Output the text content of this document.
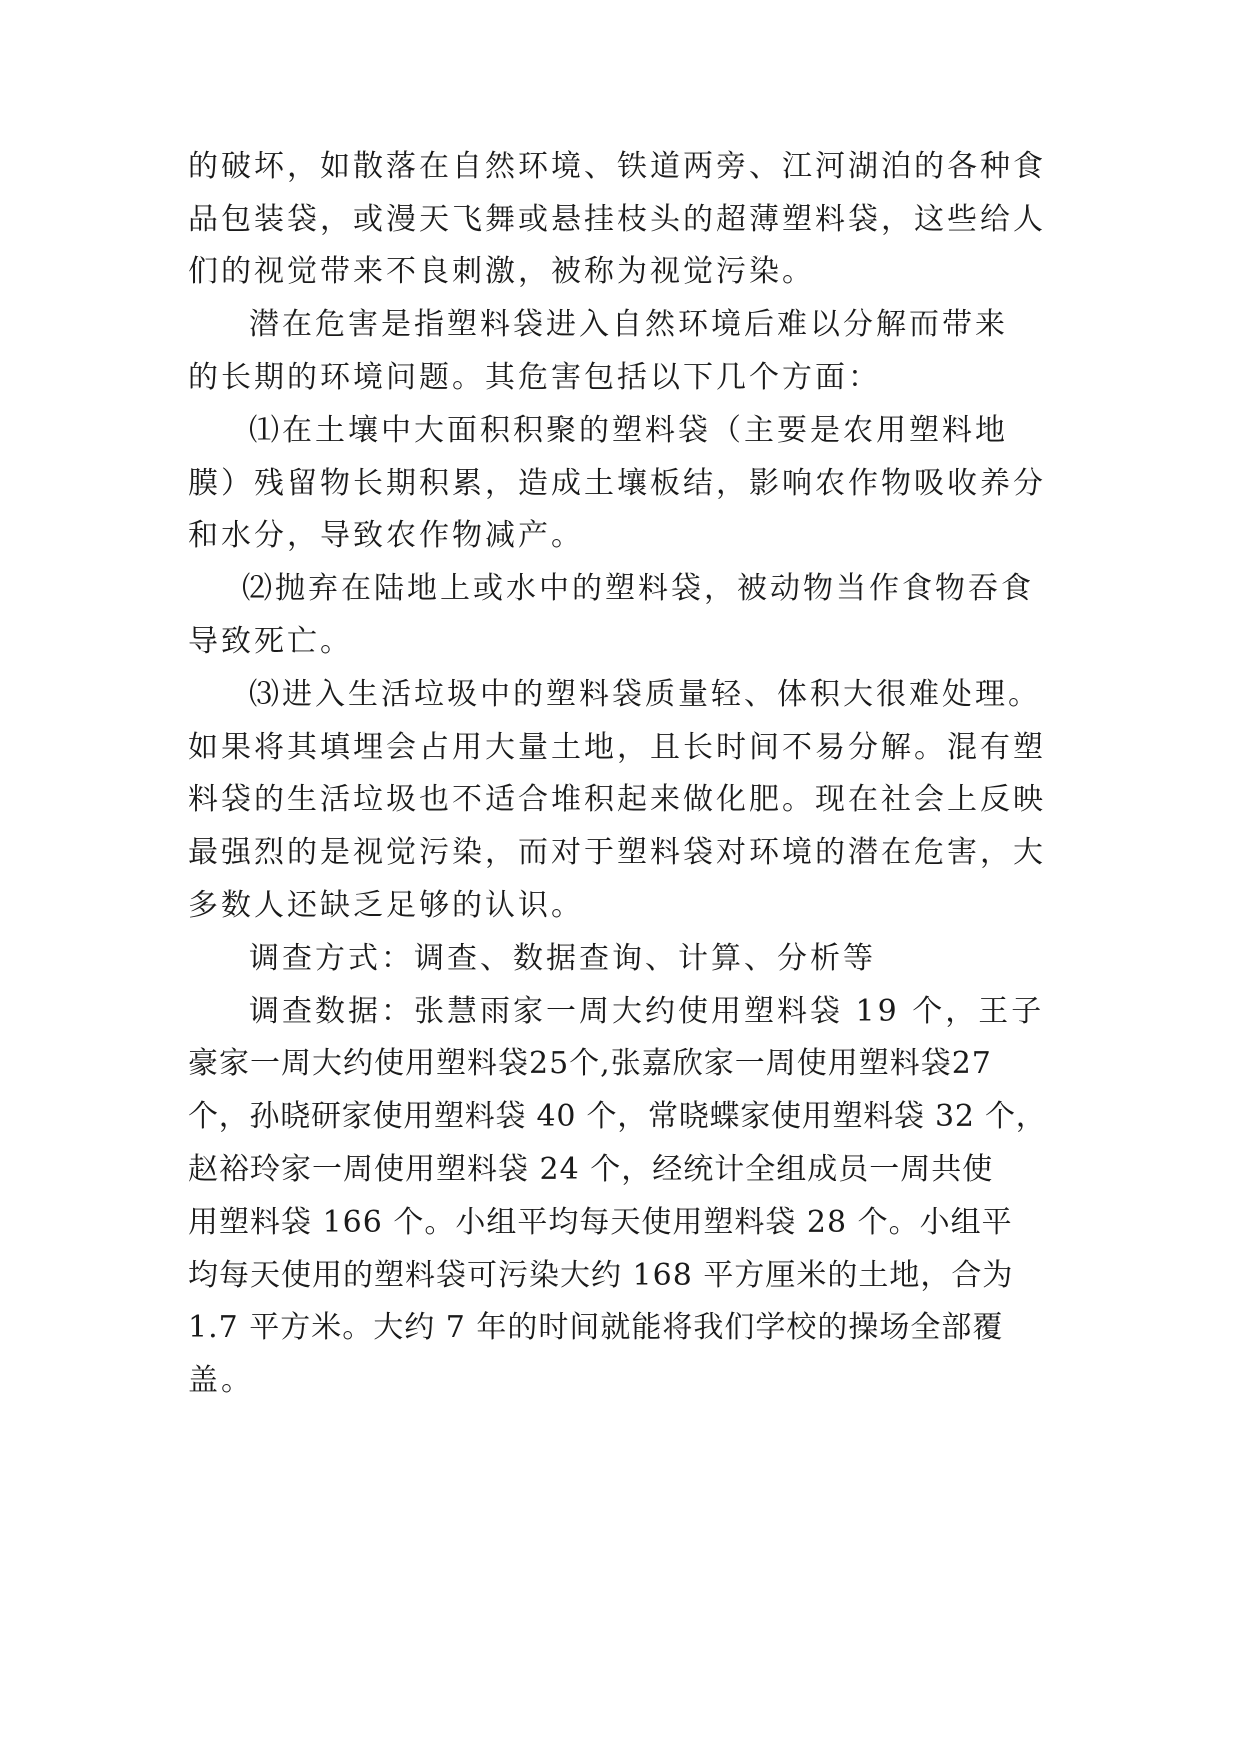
的破坏，如散落在自然环境、铁道两旁、江河湖泊的各种食
品包装袋，或漫天飞舞或悬挂枝头的超薄塑料袋，这些给人
们的视觉带来不良刺激，被称为视觉污染。
潜在危害是指塑料袋进入自然环境后难以分解而带来
的长期的环境问题。其危害包括以下几个方面：
⑴在土壤中大面积积聚的塑料袋（主要是农用塑料地
膜）残留物长期积累，造成土壤板结，影响农作物吸收养分
和水分，导致农作物减产。
⑵抛弃在陆地上或水中的塑料袋，被动物当作食物吞食
导致死亡。
⑶进入生活垃圾中的塑料袋质量轻、体积大很难处理。
如果将其填埋会占用大量土地，且长时间不易分解。混有塑
料袋的生活垃圾也不适合堆积起来做化肥。现在社会上反映
最强烈的是视觉污染，而对于塑料袋对环境的潜在危害，大
多数人还缺乏足够的认识。
调查方式：调查、数据查询、计算、分析等
调查数据：张慧雨家一周大约使用塑料袋 19 个，王子
豪家一周大约使用塑料袋25个,张嘉欣家一周使用塑料袋27
个，孙晓研家使用塑料袋 40 个，常晓蝶家使用塑料袋 32 个，
赵裕玲家一周使用塑料袋 24 个，经统计全组成员一周共使
用塑料袋 166 个。小组平均每天使用塑料袋 28 个。小组平
均每天使用的塑料袋可污染大约 168 平方厘米的土地，合为
1.7 平方米。大约 7 年的时间就能将我们学校的操场全部覆
盖。
